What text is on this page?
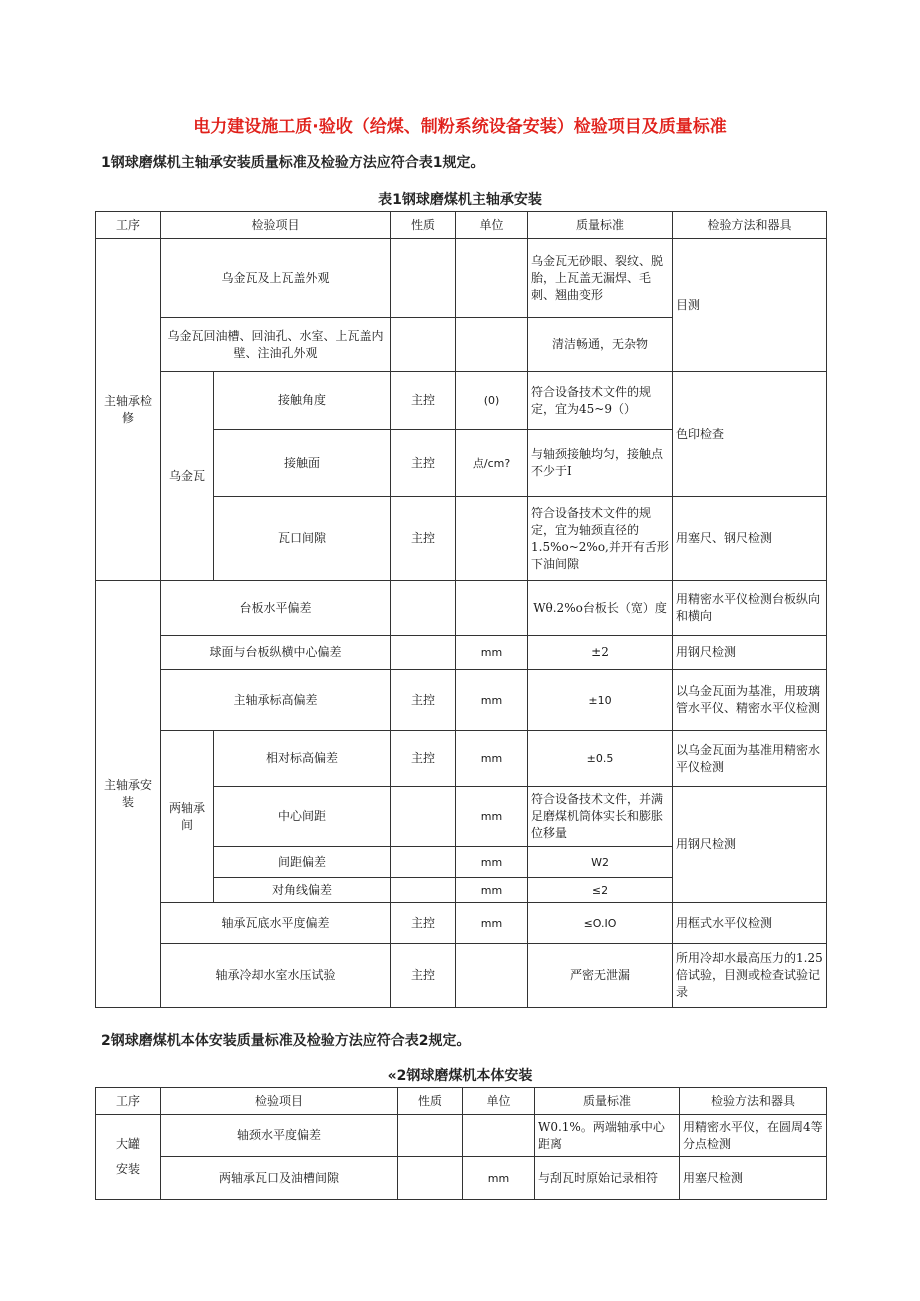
电力建设施工质·验收（给煤、制粉系统设备安装）检验项目及质量标准
1钢球磨煤机主轴承安装质量标准及检验方法应符合表1规定。
表1钢球磨煤机主轴承安装
工序	检验项目		性质	单位	质量标准	检验方法和器具
主轴承检修	乌金瓦及上瓦盖外观				乌金瓦无砂眼、裂纹、脱胎，上瓦盖无漏焊、毛刺、翘曲变形	目测
	乌金瓦回油槽、回油孔、水室、上瓦盖内壁、注油孔外观				清洁畅通，无杂物	
	乌金瓦	接触角度	主控	(0)	符合设备技术文件的规定，宜为45~9（）	色印检查
		接触面	主控	点/cm?	与轴颈接触均匀，接触点不少于I	
		瓦口间隙	主控		符合设备技术文件的规定，宜为轴颈直径的1.5%o~2%o,并开有舌形下油间隙	用塞尺、钢尺检测
主轴承安装	台板水平偏差				Wθ.2%o台板长（宽）度	用精密水平仪检测台板纵向和横向
	球面与台板纵横中心偏差			mm	±2	用钢尺检测
	主轴承标高偏差		主控	mm	±10	以乌金瓦面为基准，用玻璃管水平仪、精密水平仪检测
	两轴承间	相对标高偏差	主控	mm	±0.5	以乌金瓦面为基准用精密水平仪检测
		中心间距		mm	符合设备技术文件，并满足磨煤机筒体实长和膨胀位移量	用钢尺检测
		间距偏差		mm	W2	
		对角线偏差		mm	≤2	
	轴承瓦底水平度偏差		主控	mm	≤O.IO	用框式水平仪检测
	轴承冷却水室水压试验		主控		严密无泄漏	所用冷却水最高压力的1.25倍试验，目测或检查试验记录
2钢球磨煤机本体安装质量标准及检验方法应符合表2规定。
«2钢球磨煤机本体安装
工序	检验项目	性质	单位	质量标准	检验方法和器具

大罐
安装	轴颈水平度偏差			W0.1%。两端轴承中心距离	用精密水平仪，在圆周4等分点检测
	两轴承瓦口及油槽间隙		mm	与刮瓦时原始记录相符	用塞尺检测
